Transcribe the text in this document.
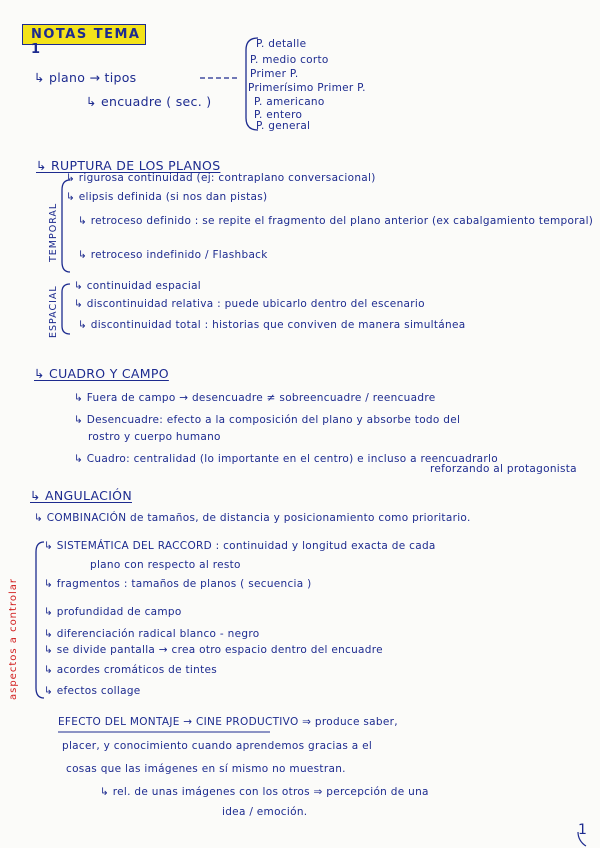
NOTAS TEMA 1
↳ plano → tipos
↳ encuadre ( sec. )
P. detalle
P. medio corto
Primer P.
Primerísimo Primer P.
P. americano
P. entero
P. general
↳ RUPTURA DE LOS PLANOS
TEMPORAL
↳ rigurosa continuidad (ej: contraplano conversacional)
↳ elipsis definida (si nos dan pistas)
↳ retroceso definido : se repite el fragmento del plano anterior (ex cabalgamiento temporal)
↳ retroceso indefinido / Flashback
ESPACIAL ↳ continuidad espacial
↳ discontinuidad relativa : puede ubicarlo dentro del escenario
↳ discontinuidad total : historias que conviven de manera simultánea
↳ CUADRO Y CAMPO
↳ Fuera de campo → desencuadre ≠ sobreencuadre / reencuadre
↳ Desencuadre: efecto a la composición del plano y absorbe todo del
rostro y cuerpo humano
↳ Cuadro: centralidad (lo importante en el centro) e incluso a reencuadrarlo
reforzando al protagonista
↳ ANGULACIÓN
↳ COMBINACIÓN de tamaños, de distancia y posicionamiento como prioritario.
aspectos a controlar
↳ SISTEMÁTICA DEL RACCORD : continuidad y longitud exacta de cada
plano con respecto al resto
↳ fragmentos : tamaños de planos ( secuencia )
↳ profundidad de campo
↳ diferenciación radical blanco - negro
↳ se divide pantalla → crea otro espacio dentro del encuadre
↳ acordes cromáticos de tintes
↳ efectos collage
EFECTO DEL MONTAJE → CINE PRODUCTIVO ⇒ produce saber,
placer, y conocimiento cuando aprendemos gracias a el
cosas que las imágenes en sí mismo no muestran.
↳ rel. de unas imágenes con los otros ⇒ percepción de una
idea / emoción.
1
